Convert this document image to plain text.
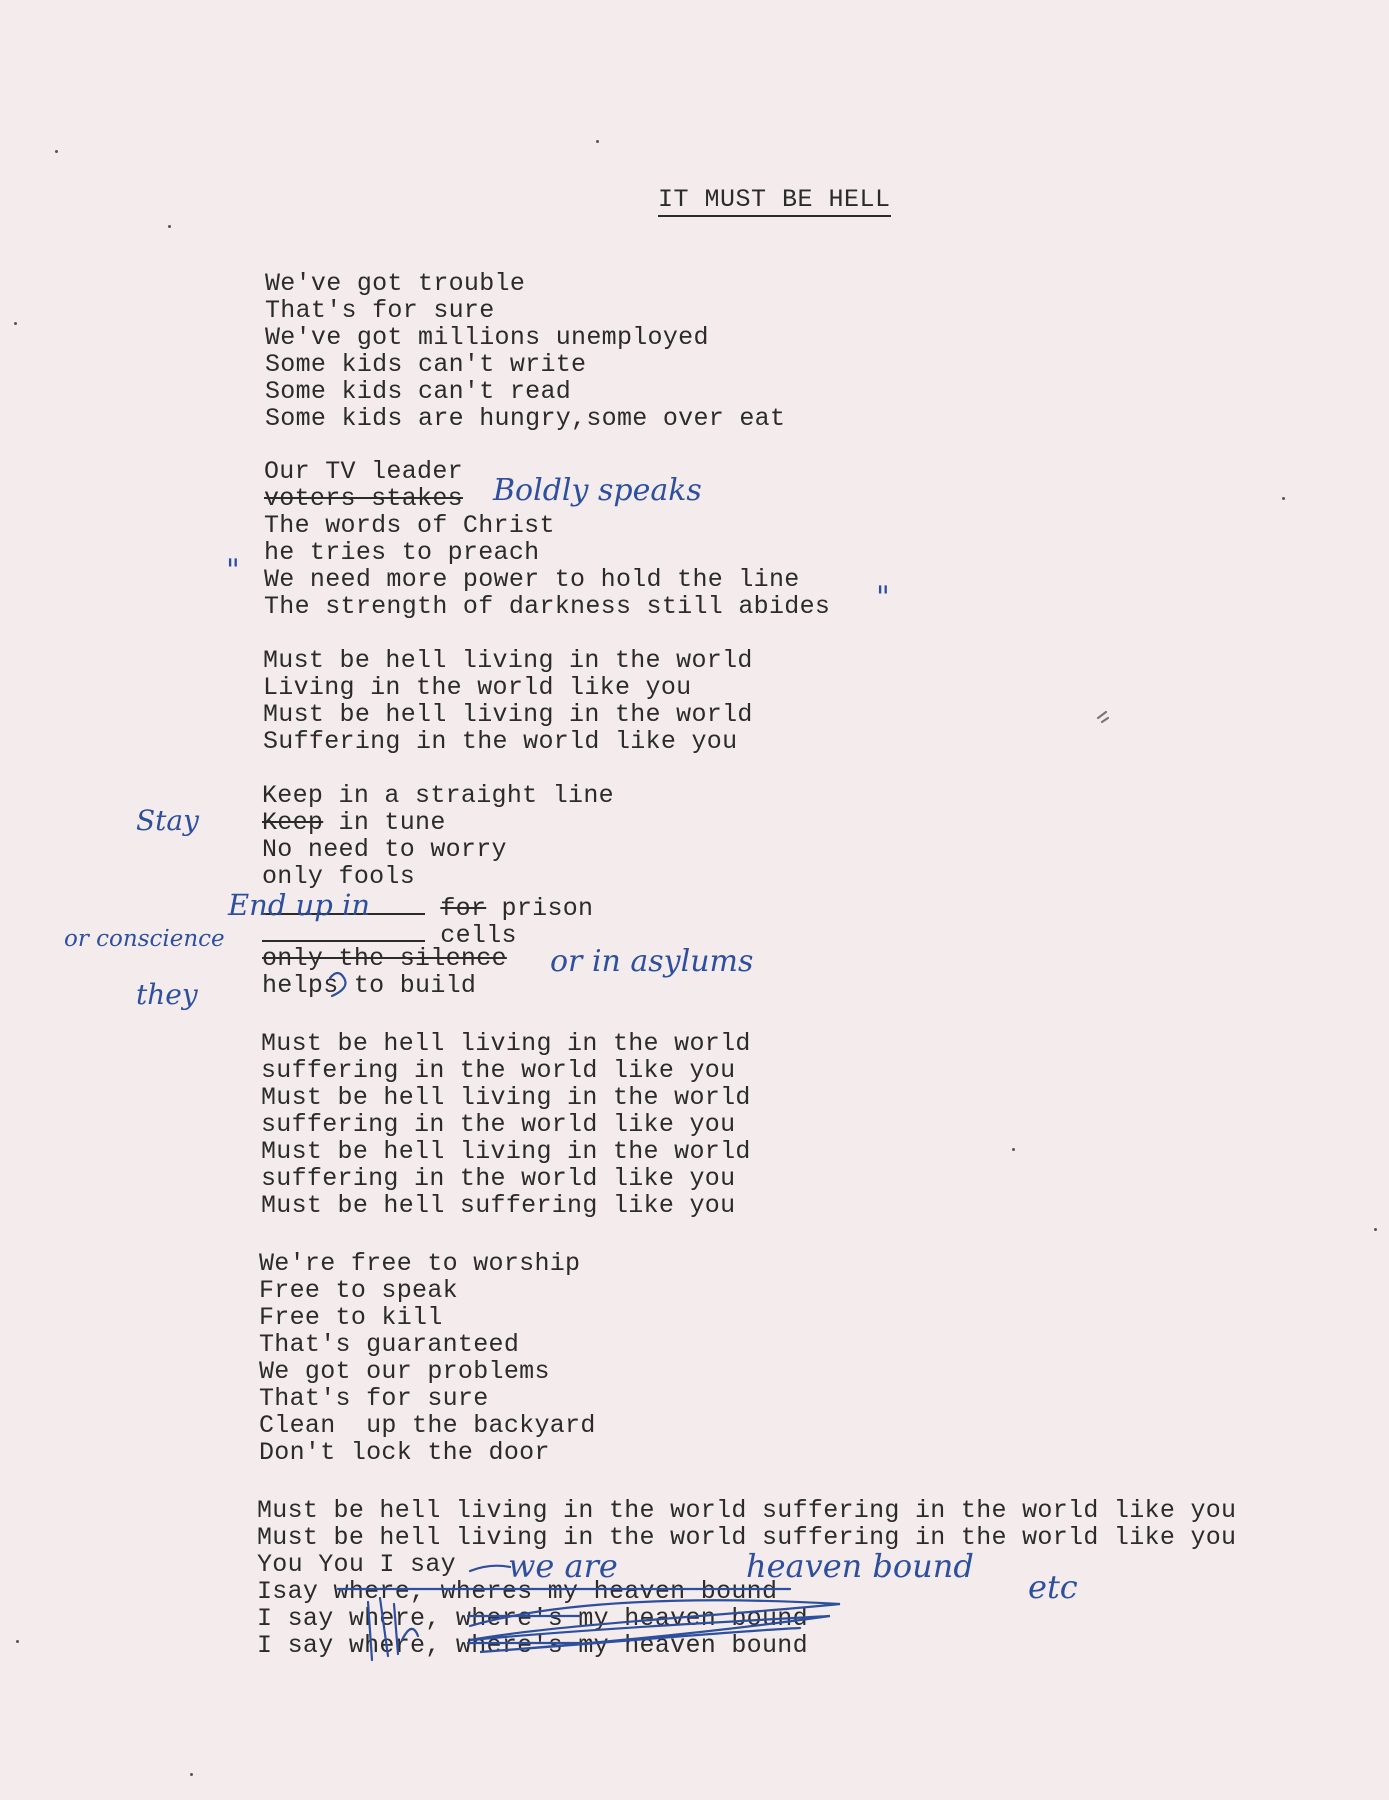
IT MUST BE HELL
We've got trouble
That's for sure
We've got millions unemployed
Some kids can't write
Some kids can't read
Some kids are hungry,some over eat
Our TV leader
voters stakes
The words of Christ
he tries to preach
We need more power to hold the line
The strength of darkness still abides
Must be hell living in the world
Living in the world like you
Must be hell living in the world
Suffering in the world like you
Keep in a straight line
Keep in tune
No need to worry
only fools
for prison
cells
only the silence
helps to build
Must be hell living in the world
suffering in the world like you
Must be hell living in the world
suffering in the world like you
Must be hell living in the world
suffering in the world like you
Must be hell suffering like you
We're free to worship
Free to speak
Free to kill
That's guaranteed
We got our problems
That's for sure
Clean  up the backyard
Don't lock the door
Must be hell living in the world suffering in the world like you
Must be hell living in the world suffering in the world like you
You You I say
Isay where, wheres my heaven bound
I say where, where's my heaven bound
I say where, where's my heaven bound
Boldly speaks
"
"
Stay
End up in
or conscience
or in asylums
they
we are	heaven bound
etc
